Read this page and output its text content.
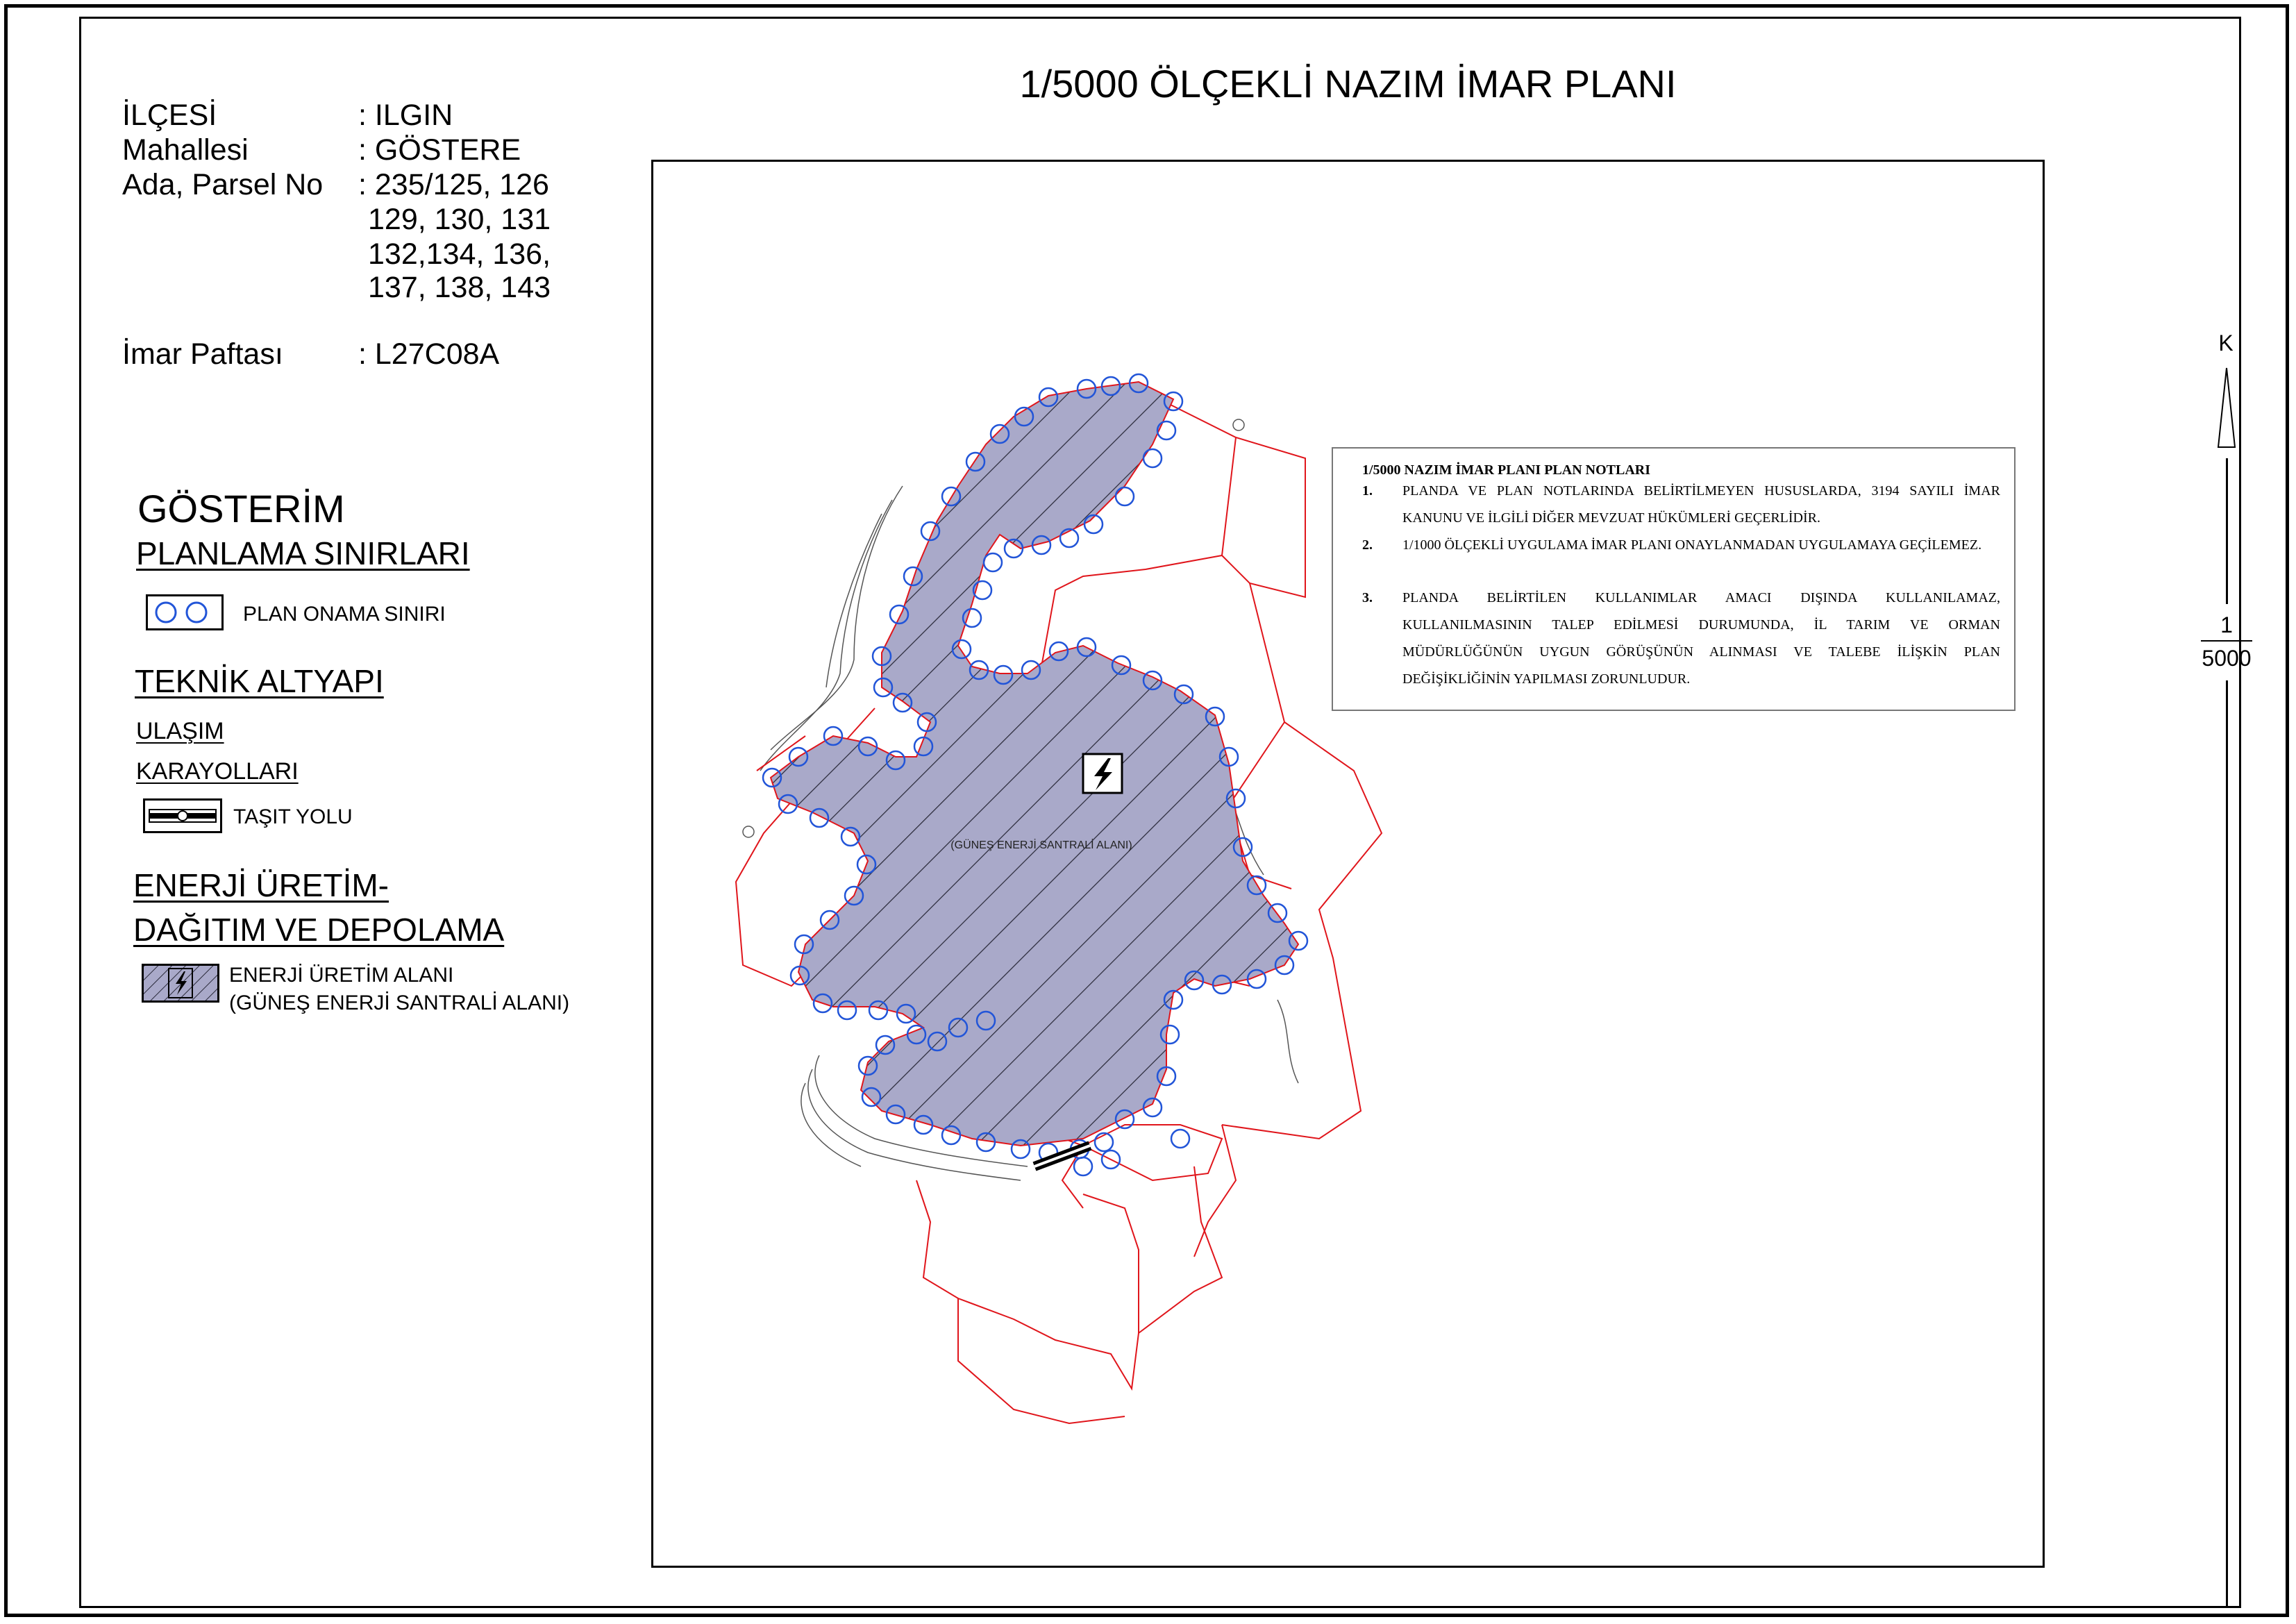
1/5000 ÖLÇEKLİ NAZIM İMAR PLANI
İLÇESİ	: ILGIN
Mahallesi	: GÖSTERE
Ada, Parsel No : 235/125, 126
129, 130, 131
132,134, 136,
137, 138, 143
İmar Paftası	: L27C08A
GÖSTERİM
PLANLAMA SINIRLARI
PLAN ONAMA SINIRI
TEKNİK ALTYAPI
ULAŞIM
KARAYOLLARI
TAŞIT YOLU
ENERJİ ÜRETİM-
DAĞITIM VE DEPOLAMA
ENERJİ ÜRETİM ALANI
(GÜNEŞ ENERJİ SANTRALİ ALANI)
(GÜNEŞ ENERJİ SANTRALİ ALANI)
1/5000 NAZIM İMAR PLANI PLAN NOTLARI
1.	PLANDA VE PLAN NOTLARINDA BELİRTİLMEYEN HUSUSLARDA, 3194 SAYILI İMAR KANUNU VE İLGİLİ DİĞER MEVZUAT HÜKÜMLERİ GEÇERLİDİR.
2.	1/1000 ÖLÇEKLİ UYGULAMA İMAR PLANI ONAYLANMADAN UYGULAMAYA GEÇİLEMEZ.
3.	PLANDA BELİRTİLEN KULLANIMLAR AMACI DIŞINDA KULLANILAMAZ, KULLANILMASININ TALEP EDİLMESİ DURUMUNDA, İL TARIM VE ORMAN MÜDÜRLÜĞÜNÜN UYGUN GÖRÜŞÜNÜN ALINMASI VE TALEBE İLİŞKİN PLAN DEĞİŞİKLİĞİNİN YAPILMASI ZORUNLUDUR.
K
1
5000
